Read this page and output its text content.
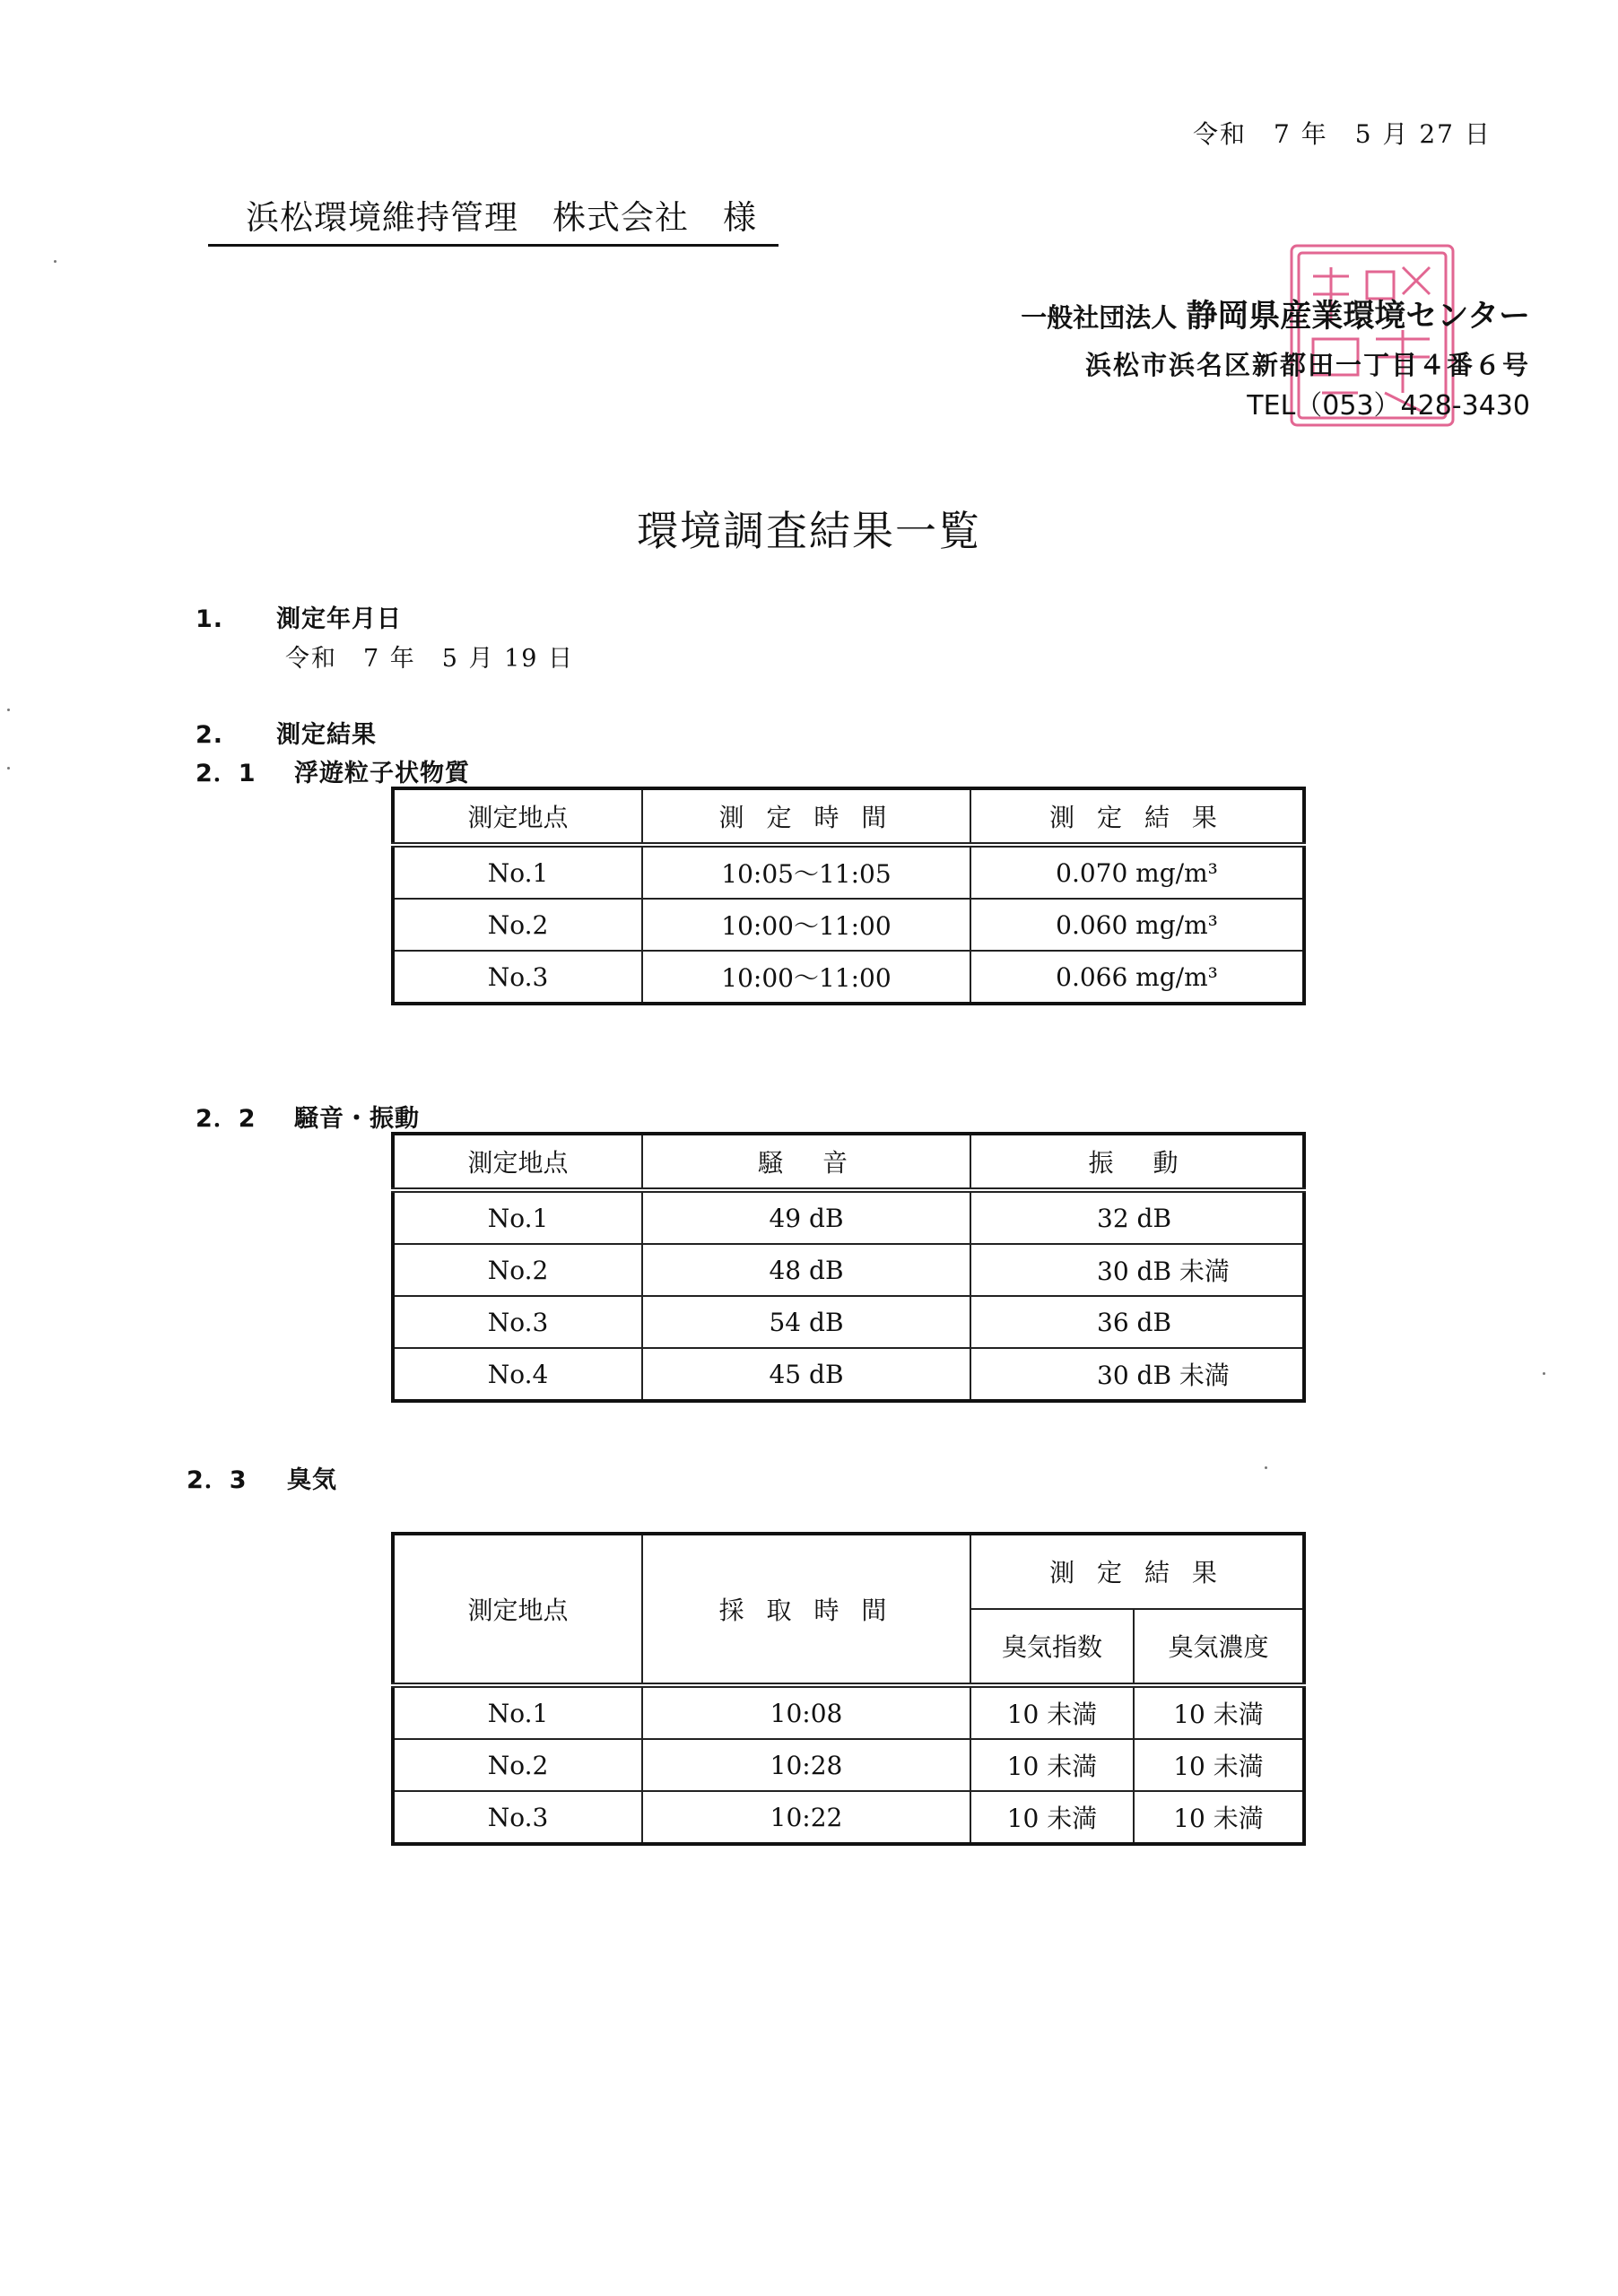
令和　7 年　5 月 27 日
浜松環境維持管理　株式会社　様
一般社団法人 静岡県産業環境センター
浜松市浜名区新都田一丁目４番６号
TEL（053）428-3430
環境調査結果一覧
1. 測定年月日
令和　7 年　5 月 19 日
2. 測定結果
2．1 浮遊粒子状物質
測定地点	測 定 時 間	測 定 結 果
No.1	10:05～11:05	0.070 mg/m³
No.2	10:00～11:00	0.060 mg/m³
No.3	10:00～11:00	0.066 mg/m³
2．2 騒音・振動
測定地点	騒　音	振　動
No.1	49 dB	32 dB
No.2	48 dB	30 dB 未満
No.3	54 dB	36 dB
No.4	45 dB	30 dB 未満
2．3 臭気
測定地点	採 取 時 間	測 定 結 果	
		臭気指数	臭気濃度
No.1	10:08	10 未満	10 未満
No.2	10:28	10 未満	10 未満
No.3	10:22	10 未満	10 未満
